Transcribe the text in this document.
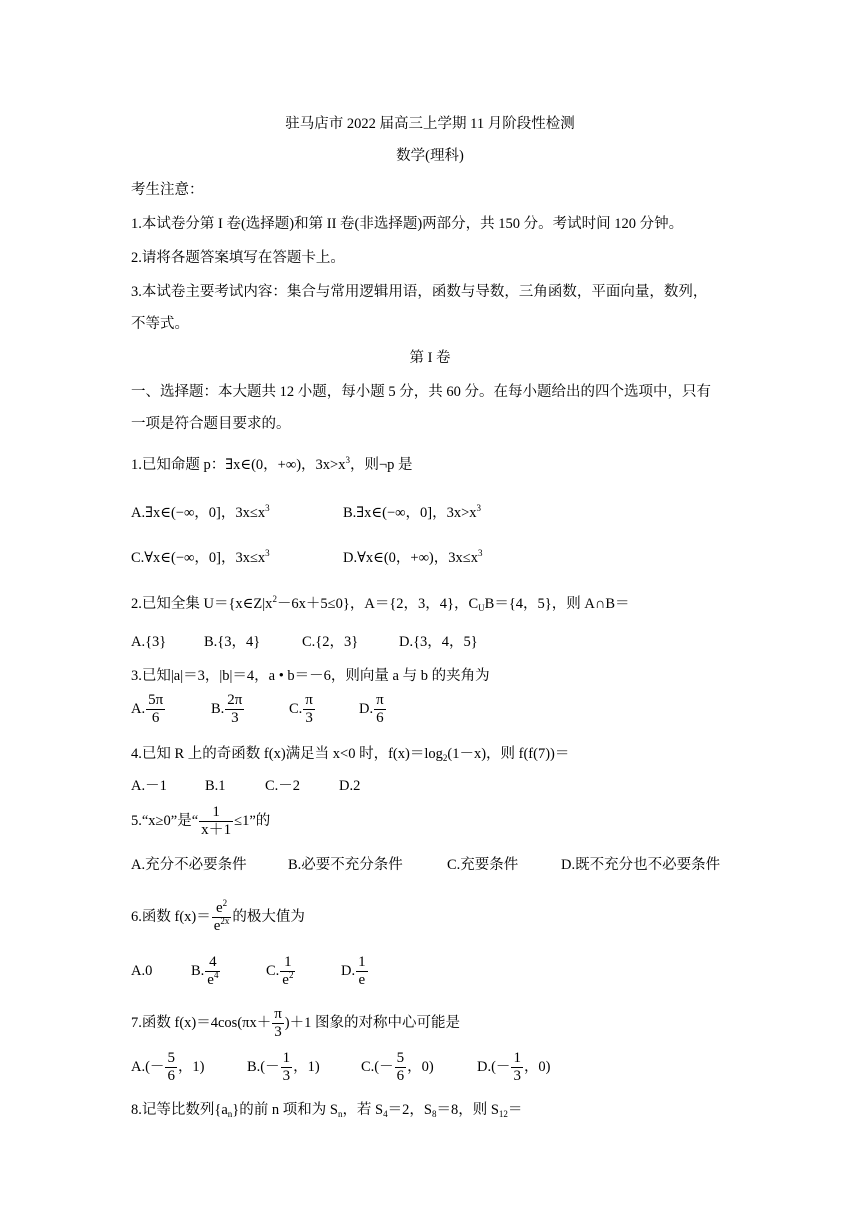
驻马店市 2022 届高三上学期 11 月阶段性检测
数学(理科)
考生注意：
1.本试卷分第 I 卷(选择题)和第 II 卷(非选择题)两部分，共 150 分。考试时间 120 分钟。
2.请将各题答案填写在答题卡上。
3.本试卷主要考试内容：集合与常用逻辑用语，函数与导数，三角函数，平面向量，数列，
不等式。
第 I 卷
一、选择题：本大题共 12 小题，每小题 5 分，共 60 分。在每小题给出的四个选项中，只有
一项是符合题目要求的。
1.已知命题 p：∃x∈(0，+∞)，$3x>x^3$，则¬p 是
A.∃x∈(−∞，0]，$3x\le x^3$	B.∃x∈(−∞，0]，$3x>x^3$
C.∀x∈(−∞，0]，$3x\le x^3$	D.∀x∈(0，+∞)，$3x\le x^3$
2.已知全集 $U=\{x\in Z|x^2-6x+5\le 0\}$，A＝{2，3，4}，$C_UB=\{4$，5}，则 A∩B＝
A.{3}	B.{3，4}	C.{2，3}	D.{3，4，5}
3.已知|a|＝3，|b|＝4，a • b＝－6，则向量 a 与 b 的夹角为
A. $\frac{5\pi}{6}$	B. $\frac{2\pi}{3}$	C. $\frac{\pi}{3}$	D. $\frac{\pi}{6}$
4.已知 R 上的奇函数 f(x)满足当 x<0 时，$f(x)=\log_2(1-x)$，则 f(f(7))＝
A.－1	B.1	C.－2	D.2
5.“x≥0”是“ $\frac{1}{x+1} \le 1$”的
A.充分不必要条件	B.必要不充分条件	C.充要条件	D.既不充分也不必要条件
6.函数 $f(x)= \frac{e^2}{e^{2x}}$ 的极大值为
A.0	B. $\frac{4}{e^4}$	C. $\frac{1}{e^2}$	D. $\frac{1}{e}$
7.函数 $f(x)=4\cos(\pi x+ \frac{\pi}{3} )+1$ 图象的对称中心可能是
$A.(- \frac{5}{6}$ ，1)	$B.(- \frac{1}{3}$ ，1)	$C.(- \frac{5}{6}$ ，0)	$D.(- \frac{1}{3}$ ，0)
8.记等比数列$\{a_n\}$的前 n 项和为 $S_n$，若 $S_4=2$，$S_8=8$，则 $S_{12}=$
